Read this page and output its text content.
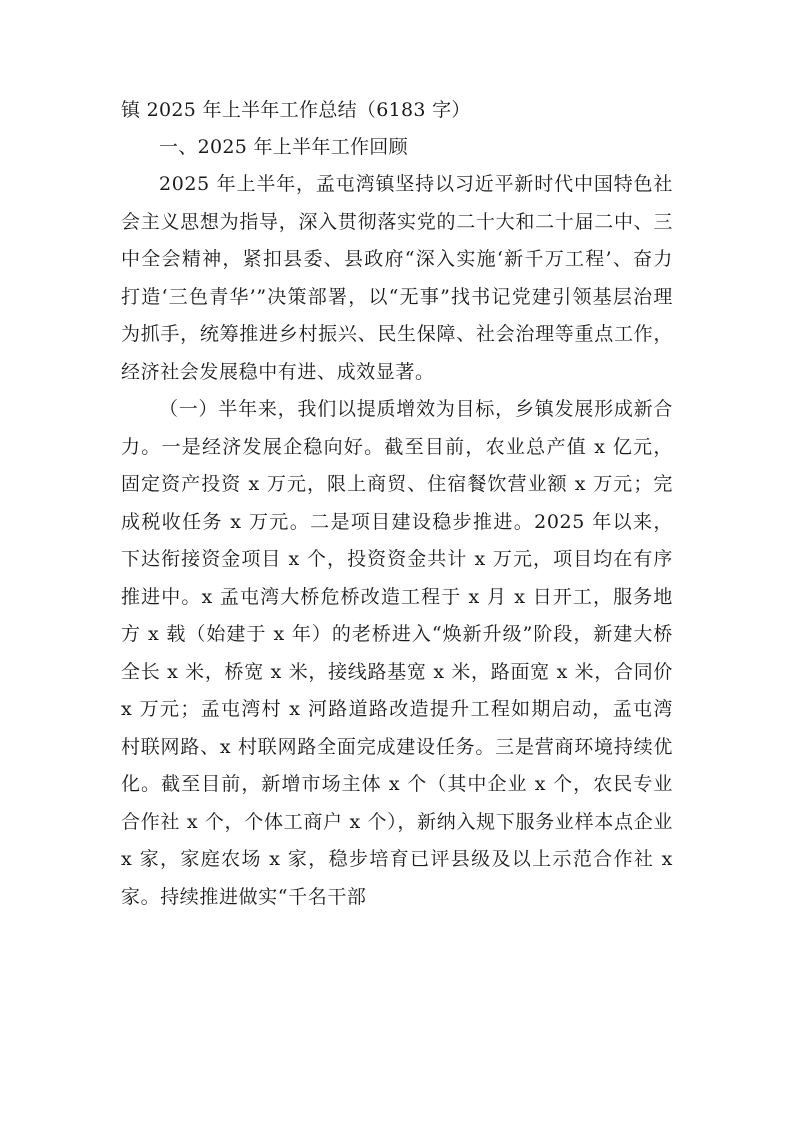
镇 2025 年上半年工作总结（6183 字）

一、2025 年上半年工作回顾

2025 年上半年，孟屯湾镇坚持以习近平新时代中国特色社会主义思想为指导，深入贯彻落实党的二十大和二十届二中、三中全会精神，紧扣县委、县政府“深入实施‘新千万工程’、奋力打造‘三色青华’”决策部署，以“无事”找书记党建引领基层治理为抓手，统筹推进乡村振兴、民生保障、社会治理等重点工作，经济社会发展稳中有进、成效显著。

（一）半年来，我们以提质增效为目标，乡镇发展形成新合力。一是经济发展企稳向好。截至目前，农业总产值 x 亿元，固定资产投资 x 万元，限上商贸、住宿餐饮营业额 x 万元；完成税收任务 x 万元。二是项目建设稳步推进。2025 年以来，下达衔接资金项目 x 个，投资资金共计 x 万元，项目均在有序推进中。x 孟屯湾大桥危桥改造工程于 x 月 x 日开工，服务地方 x 载（始建于 x 年）的老桥进入“焕新升级”阶段，新建大桥全长 x 米，桥宽 x 米，接线路基宽 x 米，路面宽 x 米，合同价 x 万元；孟屯湾村 x 河路道路改造提升工程如期启动，孟屯湾村联网路、x 村联网路全面完成建设任务。三是营商环境持续优化。截至目前，新增市场主体 x 个（其中企业 x 个，农民专业合作社 x 个，个体工商户 x 个），新纳入规下服务业样本点企业 x 家，家庭农场 x 家，稳步培育已评县级及以上示范合作社 x 家。持续推进做实“千名干部
